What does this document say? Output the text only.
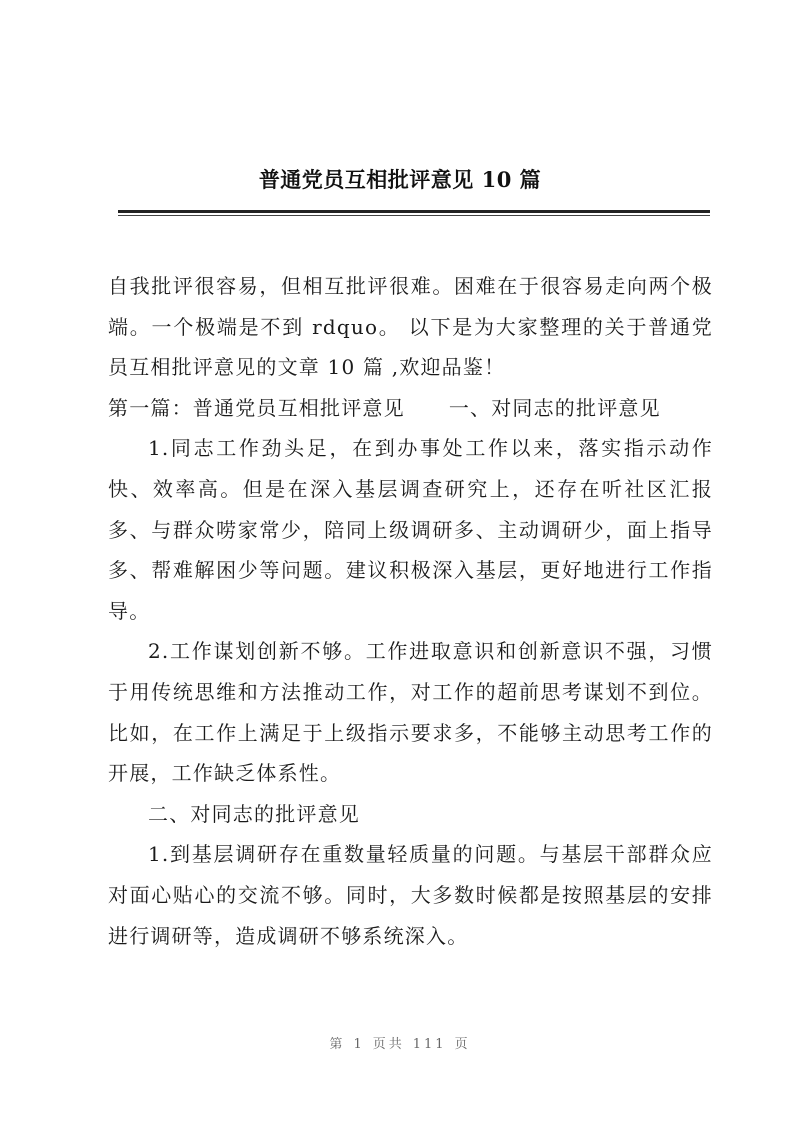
普通党员互相批评意见 10 篇

自我批评很容易，但相互批评很难。困难在于很容易走向两个极端。一个极端是不到 rdquo。 以下是为大家整理的关于普通党员互相批评意见的文章 10 篇 ,欢迎品鉴！

第一篇：普通党员互相批评意见 一、对同志的批评意见

1.同志工作劲头足，在到办事处工作以来，落实指示动作快、效率高。但是在深入基层调查研究上，还存在听社区汇报多、与群众唠家常少，陪同上级调研多、主动调研少，面上指导多、帮难解困少等问题。建议积极深入基层，更好地进行工作指导。

2.工作谋划创新不够。工作进取意识和创新意识不强，习惯于用传统思维和方法推动工作，对工作的超前思考谋划不到位。比如，在工作上满足于上级指示要求多，不能够主动思考工作的开展，工作缺乏体系性。

二、对同志的批评意见

1.到基层调研存在重数量轻质量的问题。与基层干部群众应对面心贴心的交流不够。同时，大多数时候都是按照基层的安排进行调研等，造成调研不够系统深入。

第 1 页共 111 页
